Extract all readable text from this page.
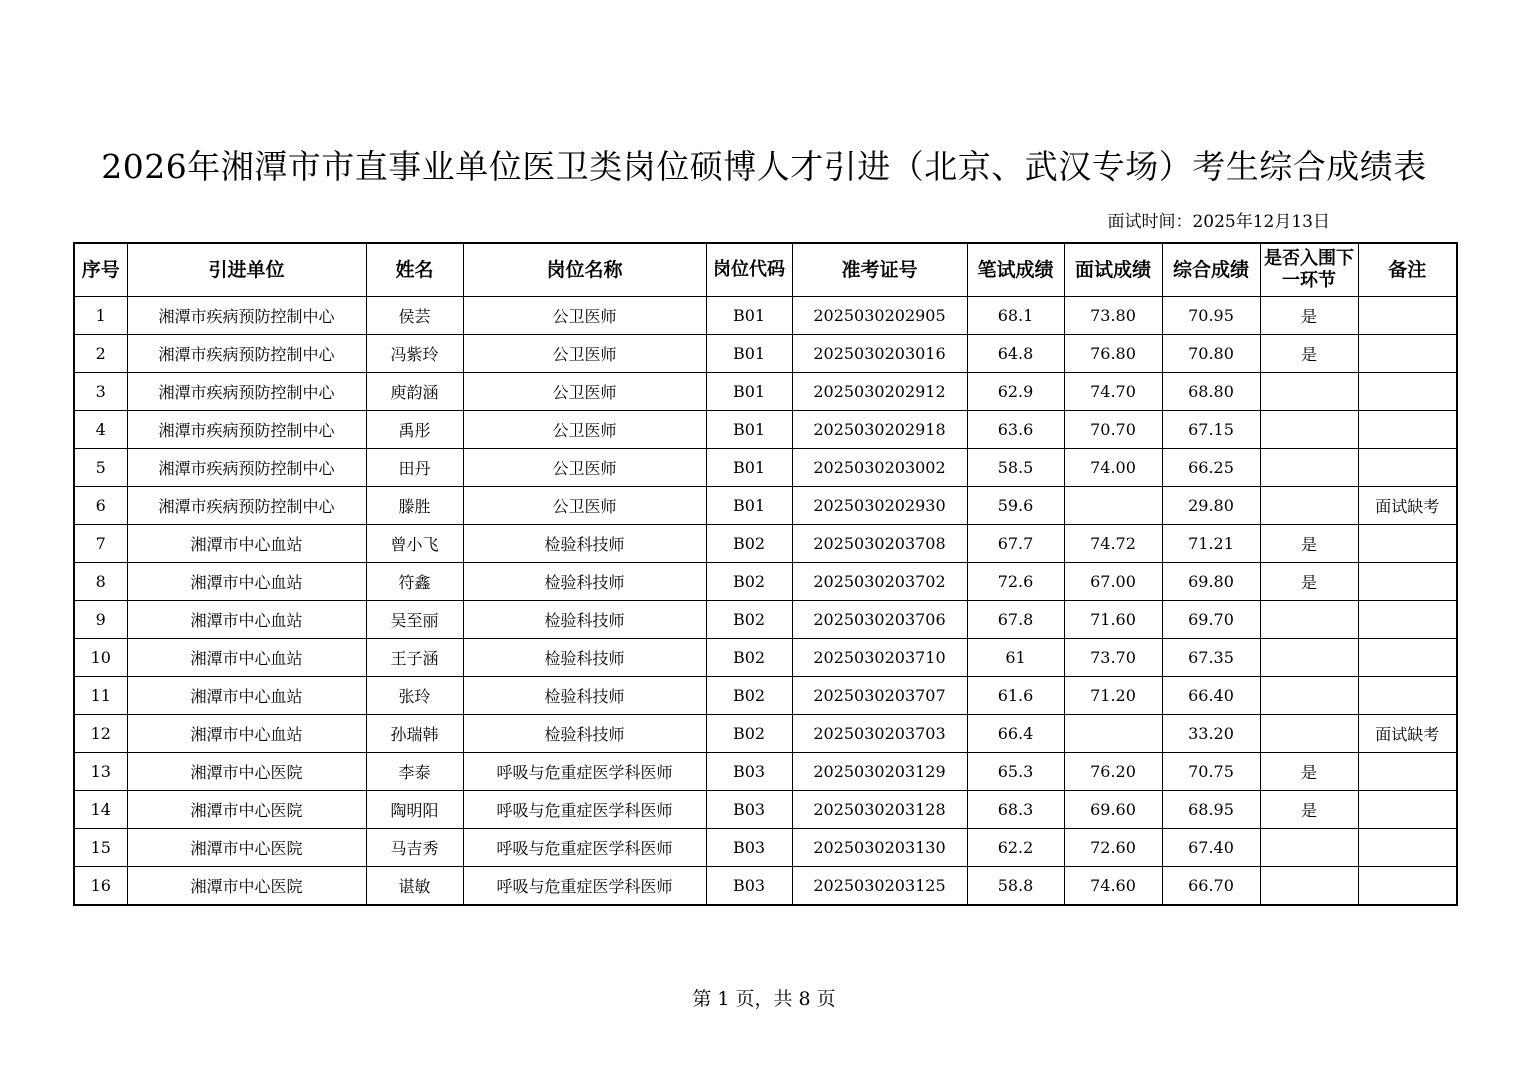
2026年湘潭市市直事业单位医卫类岗位硕博人才引进（北京、武汉专场）考生综合成绩表
面试时间：2025年12月13日
序号	引进单位	姓名	岗位名称	岗位代码	准考证号	笔试成绩	面试成绩	综合成绩	是否入围下一环节	备注
1	湘潭市疾病预防控制中心	侯芸	公卫医师	B01	2025030202905	68.1	73.80	70.95	是	
2	湘潭市疾病预防控制中心	冯紫玲	公卫医师	B01	2025030203016	64.8	76.80	70.80	是	
3	湘潭市疾病预防控制中心	庾韵涵	公卫医师	B01	2025030202912	62.9	74.70	68.80		
4	湘潭市疾病预防控制中心	禹彤	公卫医师	B01	2025030202918	63.6	70.70	67.15		
5	湘潭市疾病预防控制中心	田丹	公卫医师	B01	2025030203002	58.5	74.00	66.25		
6	湘潭市疾病预防控制中心	滕胜	公卫医师	B01	2025030202930	59.6		29.80		面试缺考
7	湘潭市中心血站	曾小飞	检验科技师	B02	2025030203708	67.7	74.72	71.21	是	
8	湘潭市中心血站	符鑫	检验科技师	B02	2025030203702	72.6	67.00	69.80	是	
9	湘潭市中心血站	吴至丽	检验科技师	B02	2025030203706	67.8	71.60	69.70		
10	湘潭市中心血站	王子涵	检验科技师	B02	2025030203710	61	73.70	67.35		
11	湘潭市中心血站	张玲	检验科技师	B02	2025030203707	61.6	71.20	66.40		
12	湘潭市中心血站	孙瑞韩	检验科技师	B02	2025030203703	66.4		33.20		面试缺考
13	湘潭市中心医院	李泰	呼吸与危重症医学科医师	B03	2025030203129	65.3	76.20	70.75	是	
14	湘潭市中心医院	陶明阳	呼吸与危重症医学科医师	B03	2025030203128	68.3	69.60	68.95	是	
15	湘潭市中心医院	马吉秀	呼吸与危重症医学科医师	B03	2025030203130	62.2	72.60	67.40		
16	湘潭市中心医院	谌敏	呼吸与危重症医学科医师	B03	2025030203125	58.8	74.60	66.70		
第 1 页，共 8 页
